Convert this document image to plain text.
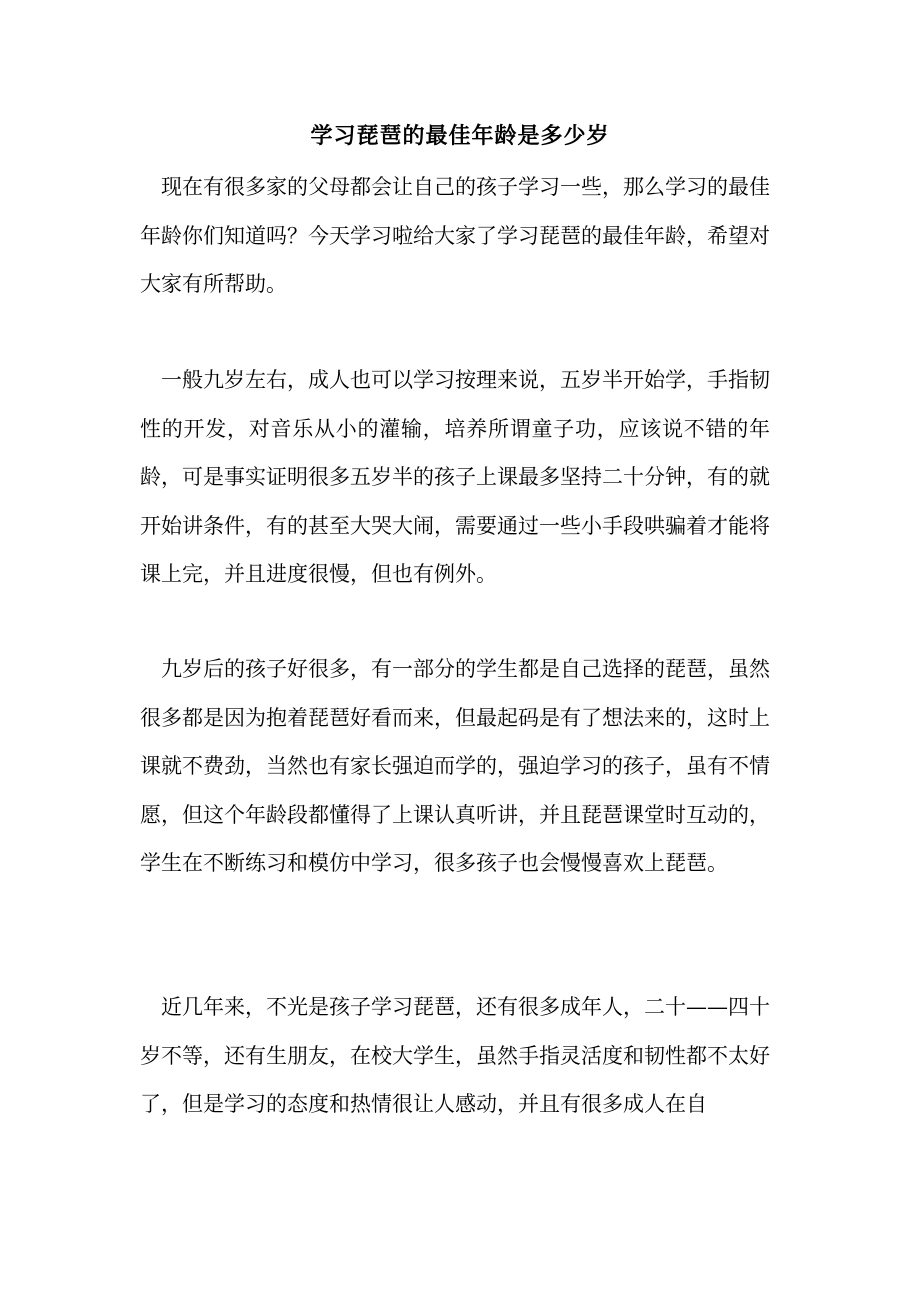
学习琵琶的最佳年龄是多少岁

现在有很多家的父母都会让自己的孩子学习一些，那么学习的最佳年龄你们知道吗？今天学习啦给大家了学习琵琶的最佳年龄，希望对大家有所帮助。

一般九岁左右，成人也可以学习按理来说，五岁半开始学，手指韧性的开发，对音乐从小的灌输，培养所谓童子功，应该说不错的年龄，可是事实证明很多五岁半的孩子上课最多坚持二十分钟，有的就开始讲条件，有的甚至大哭大闹，需要通过一些小手段哄骗着才能将课上完，并且进度很慢，但也有例外。

九岁后的孩子好很多，有一部分的学生都是自己选择的琵琶，虽然很多都是因为抱着琵琶好看而来，但最起码是有了想法来的，这时上课就不费劲，当然也有家长强迫而学的，强迫学习的孩子，虽有不情愿，但这个年龄段都懂得了上课认真听讲，并且琵琶课堂时互动的，学生在不断练习和模仿中学习，很多孩子也会慢慢喜欢上琵琶。

近几年来，不光是孩子学习琵琶，还有很多成年人，二十——四十岁不等，还有生朋友，在校大学生，虽然手指灵活度和韧性都不太好了，但是学习的态度和热情很让人感动，并且有很多成人在自
